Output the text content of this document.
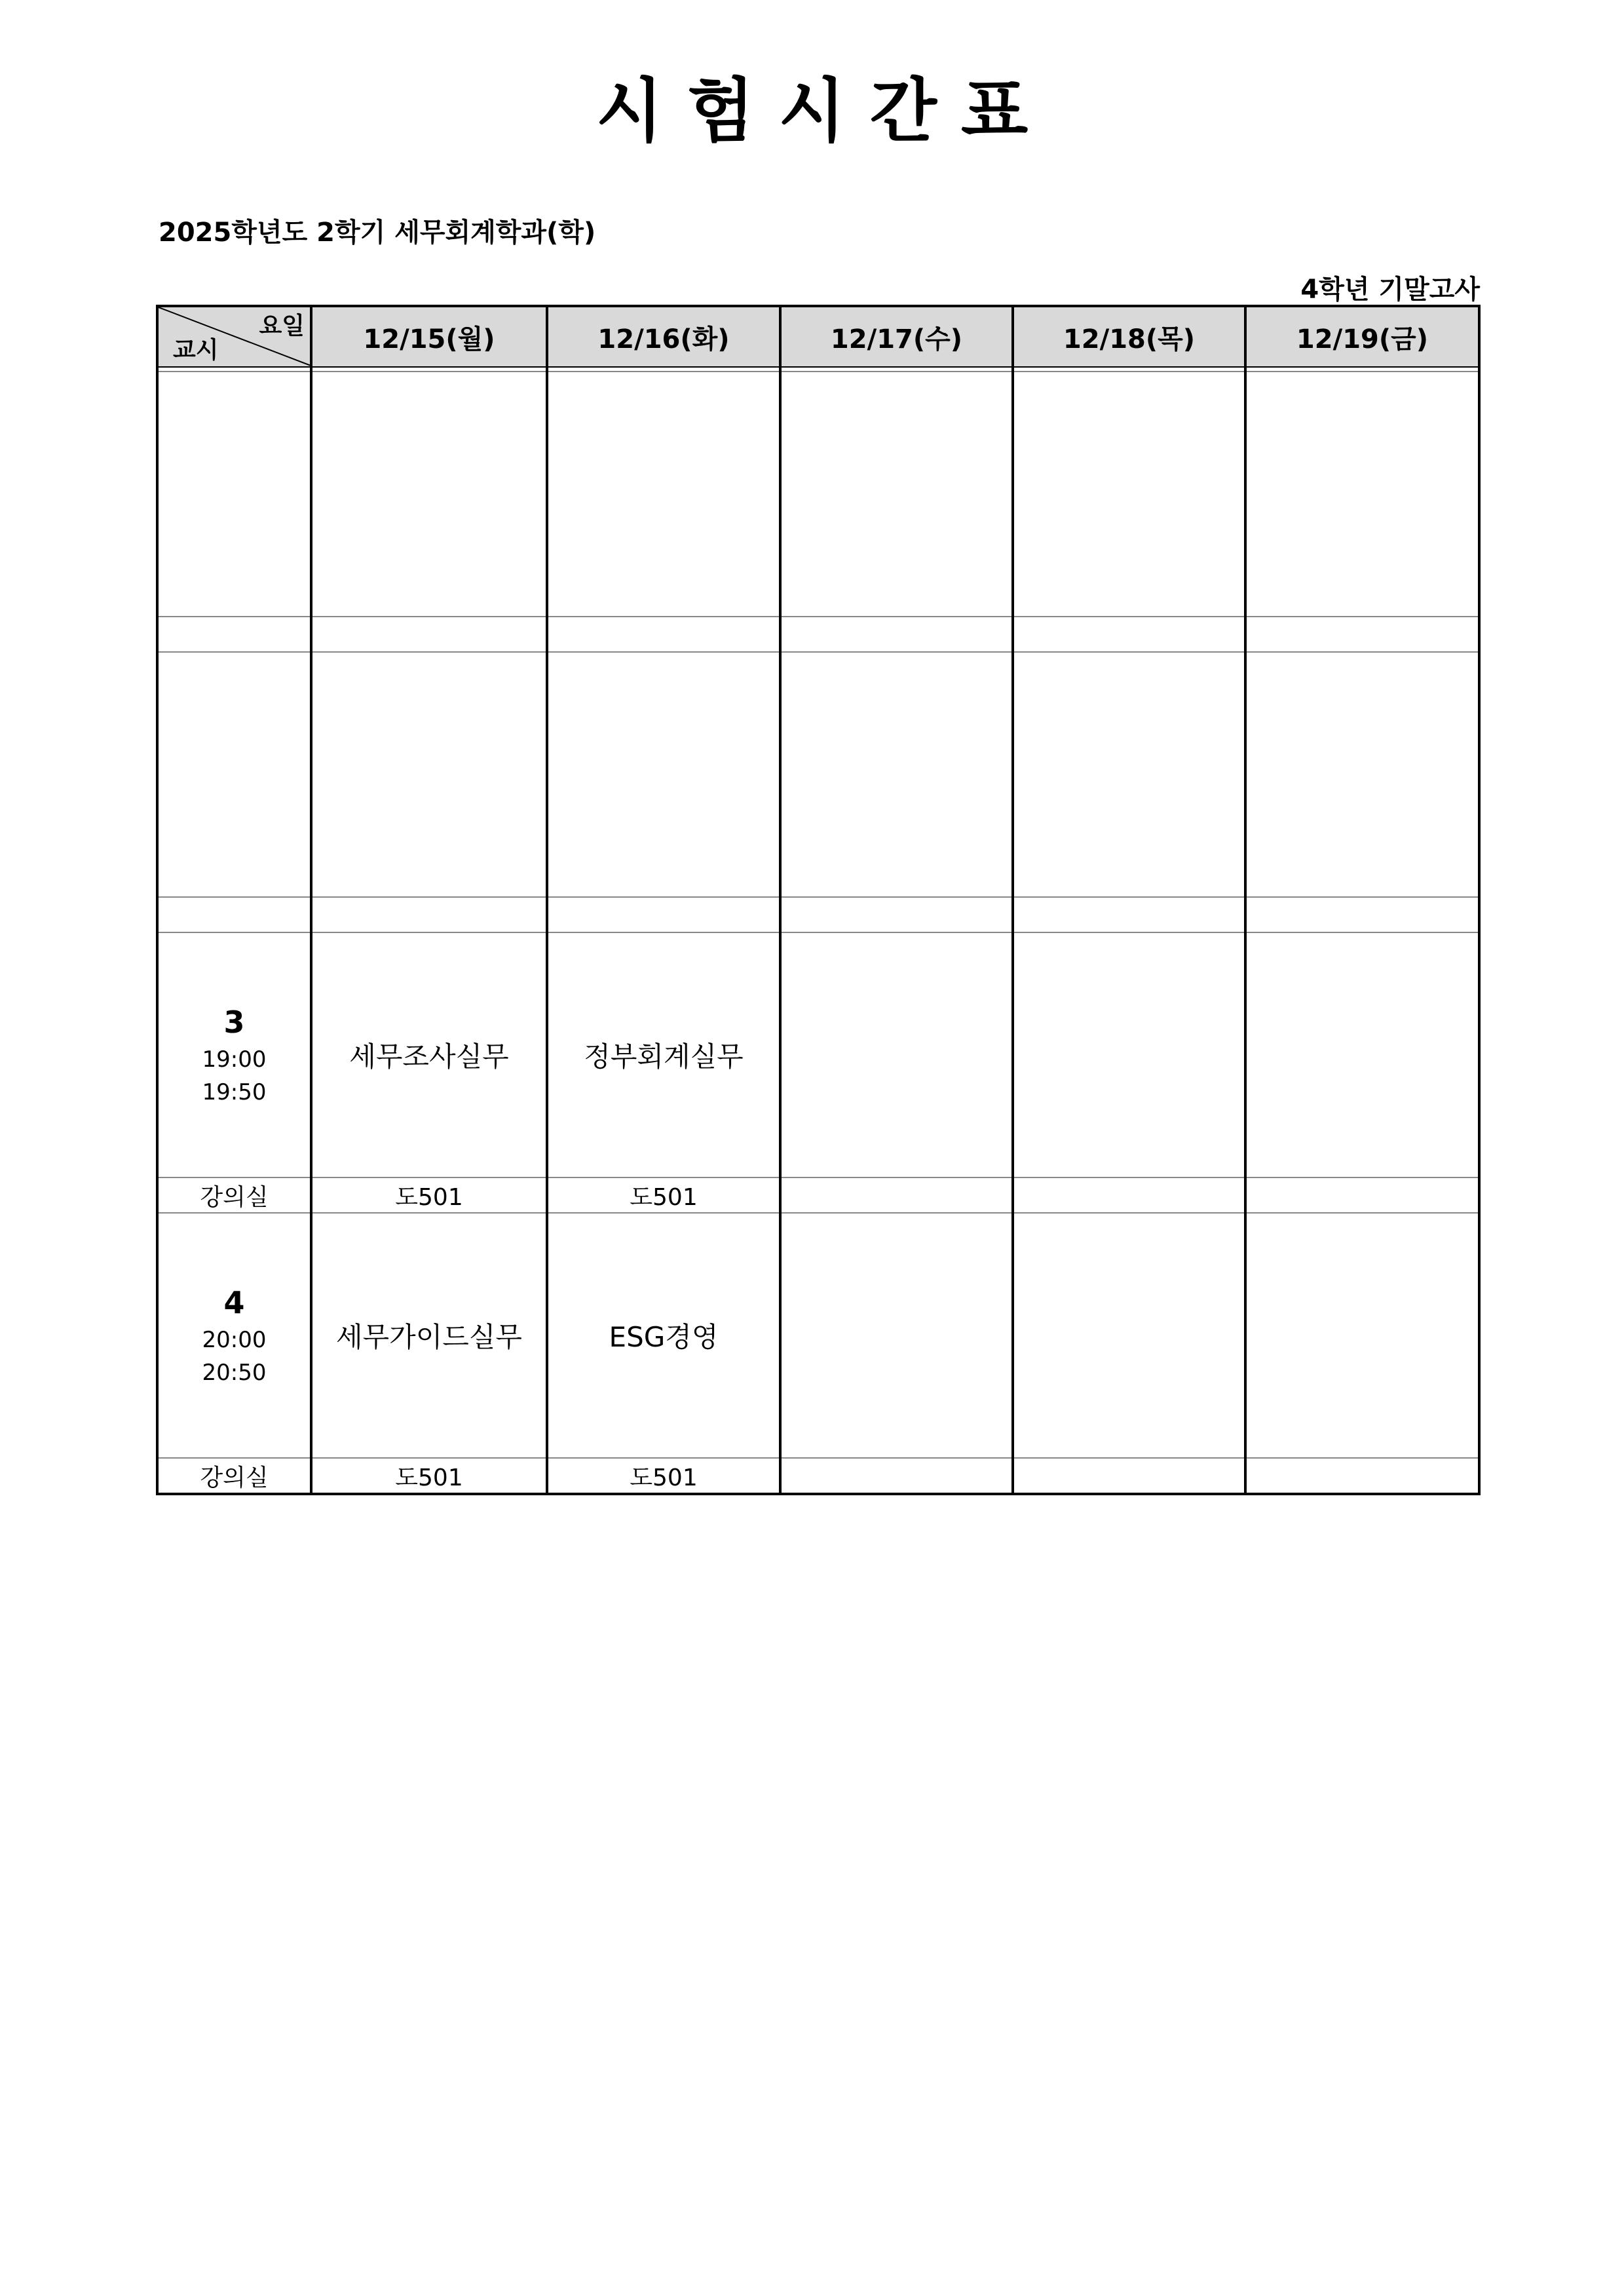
시 험 시 간 표
2025학년도 2학기 세무회계학과(학)
4학년 기말고사
요일
교시	12/15(월)	12/16(화)	12/17(수)	12/18(목)	12/19(금)

3
19:00
19:50	세무조사실무	정부회계실무			
강의실	도501	도501			

4
20:00
20:50	세무가이드실무	ESG경영			
강의실	도501	도501			
